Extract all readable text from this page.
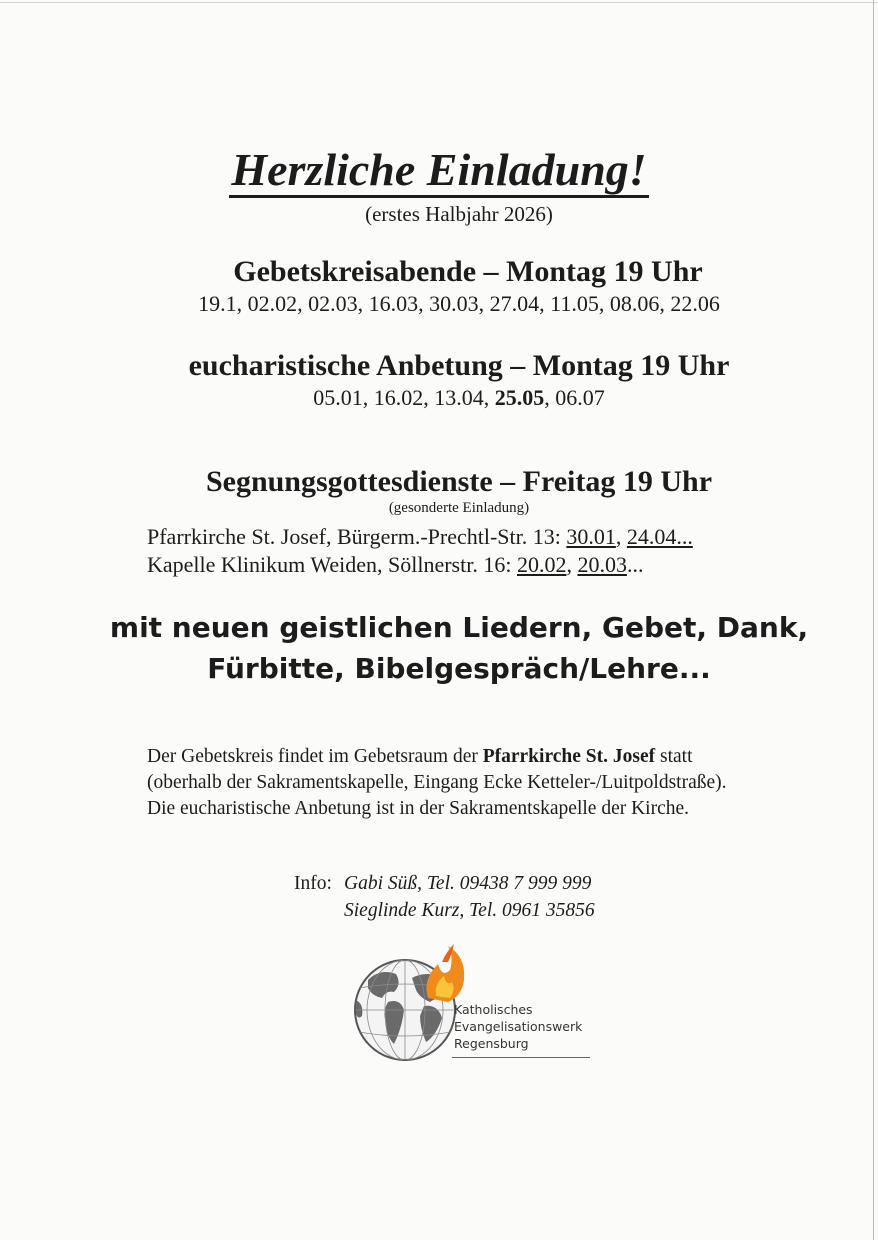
Herzliche Einladung!
(erstes Halbjahr 2026)
Gebetskreisabende – Montag 19 Uhr
19.1, 02.02, 02.03, 16.03, 30.03, 27.04, 11.05, 08.06, 22.06
eucharistische Anbetung – Montag 19 Uhr
05.01, 16.02, 13.04, 25.05, 06.07
Segnungsgottesdienste – Freitag 19 Uhr
(gesonderte Einladung)
Pfarrkirche St. Josef, Bürgerm.-Prechtl-Str. 13: 30.01, 24.04...
Kapelle Klinikum Weiden, Söllnerstr. 16: 20.02, 20.03...
mit neuen geistlichen Liedern, Gebet, Dank,
Fürbitte, Bibelgespräch/Lehre...

Der Gebetskreis findet im Gebetsraum der Pfarrkirche St. Josef statt (oberhalb der Sakramentskapelle, Eingang Ecke Ketteler-/Luitpoldstraße). Die eucharistische Anbetung ist in der Sakramentskapelle der Kirche.

Info: Gabi Süß, Tel. 09438 7 999 999
Sieglinde Kurz, Tel. 0961 35856
Katholisches
Evangelisationswerk
Regensburg
